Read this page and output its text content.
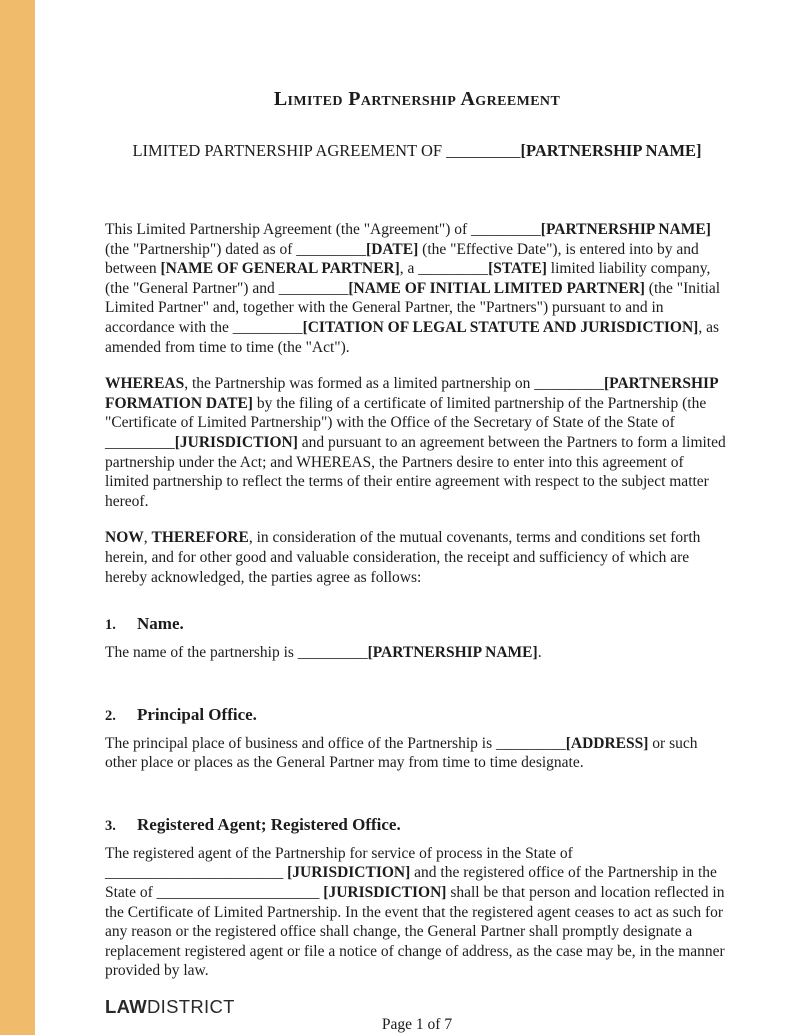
Limited Partnership Agreement
LIMITED PARTNERSHIP AGREEMENT OF _________[PARTNERSHIP NAME]
This Limited Partnership Agreement (the "Agreement") of _________[PARTNERSHIP NAME] (the "Partnership") dated as of _________[DATE] (the "Effective Date"), is entered into by and between [NAME OF GENERAL PARTNER], a _________[STATE] limited liability company, (the "General Partner") and _________[NAME OF INITIAL LIMITED PARTNER] (the "Initial Limited Partner" and, together with the General Partner, the "Partners") pursuant to and in accordance with the _________[CITATION OF LEGAL STATUTE AND JURISDICTION], as amended from time to time (the "Act").
WHEREAS, the Partnership was formed as a limited partnership on _________[PARTNERSHIP FORMATION DATE] by the filing of a certificate of limited partnership of the Partnership (the "Certificate of Limited Partnership") with the Office of the Secretary of State of the State of _________[JURISDICTION] and pursuant to an agreement between the Partners to form a limited partnership under the Act; and WHEREAS, the Partners desire to enter into this agreement of limited partnership to reflect the terms of their entire agreement with respect to the subject matter hereof.
NOW, THEREFORE, in consideration of the mutual covenants, terms and conditions set forth herein, and for other good and valuable consideration, the receipt and sufficiency of which are hereby acknowledged, the parties agree as follows:
1.	Name.
The name of the partnership is _________[PARTNERSHIP NAME].
2.	Principal Office.
The principal place of business and office of the Partnership is _________[ADDRESS] or such other place or places as the General Partner may from time to time designate.
3.	Registered Agent; Registered Office.
The registered agent of the Partnership for service of process in the State of _______________________ [JURISDICTION] and the registered office of the Partnership in the State of _____________________ [JURISDICTION] shall be that person and location reflected in the Certificate of Limited Partnership. In the event that the registered agent ceases to act as such for any reason or the registered office shall change, the General Partner shall promptly designate a replacement registered agent or file a notice of change of address, as the case may be, in the manner provided by law.
LAWDISTRICT
Page 1 of 7
